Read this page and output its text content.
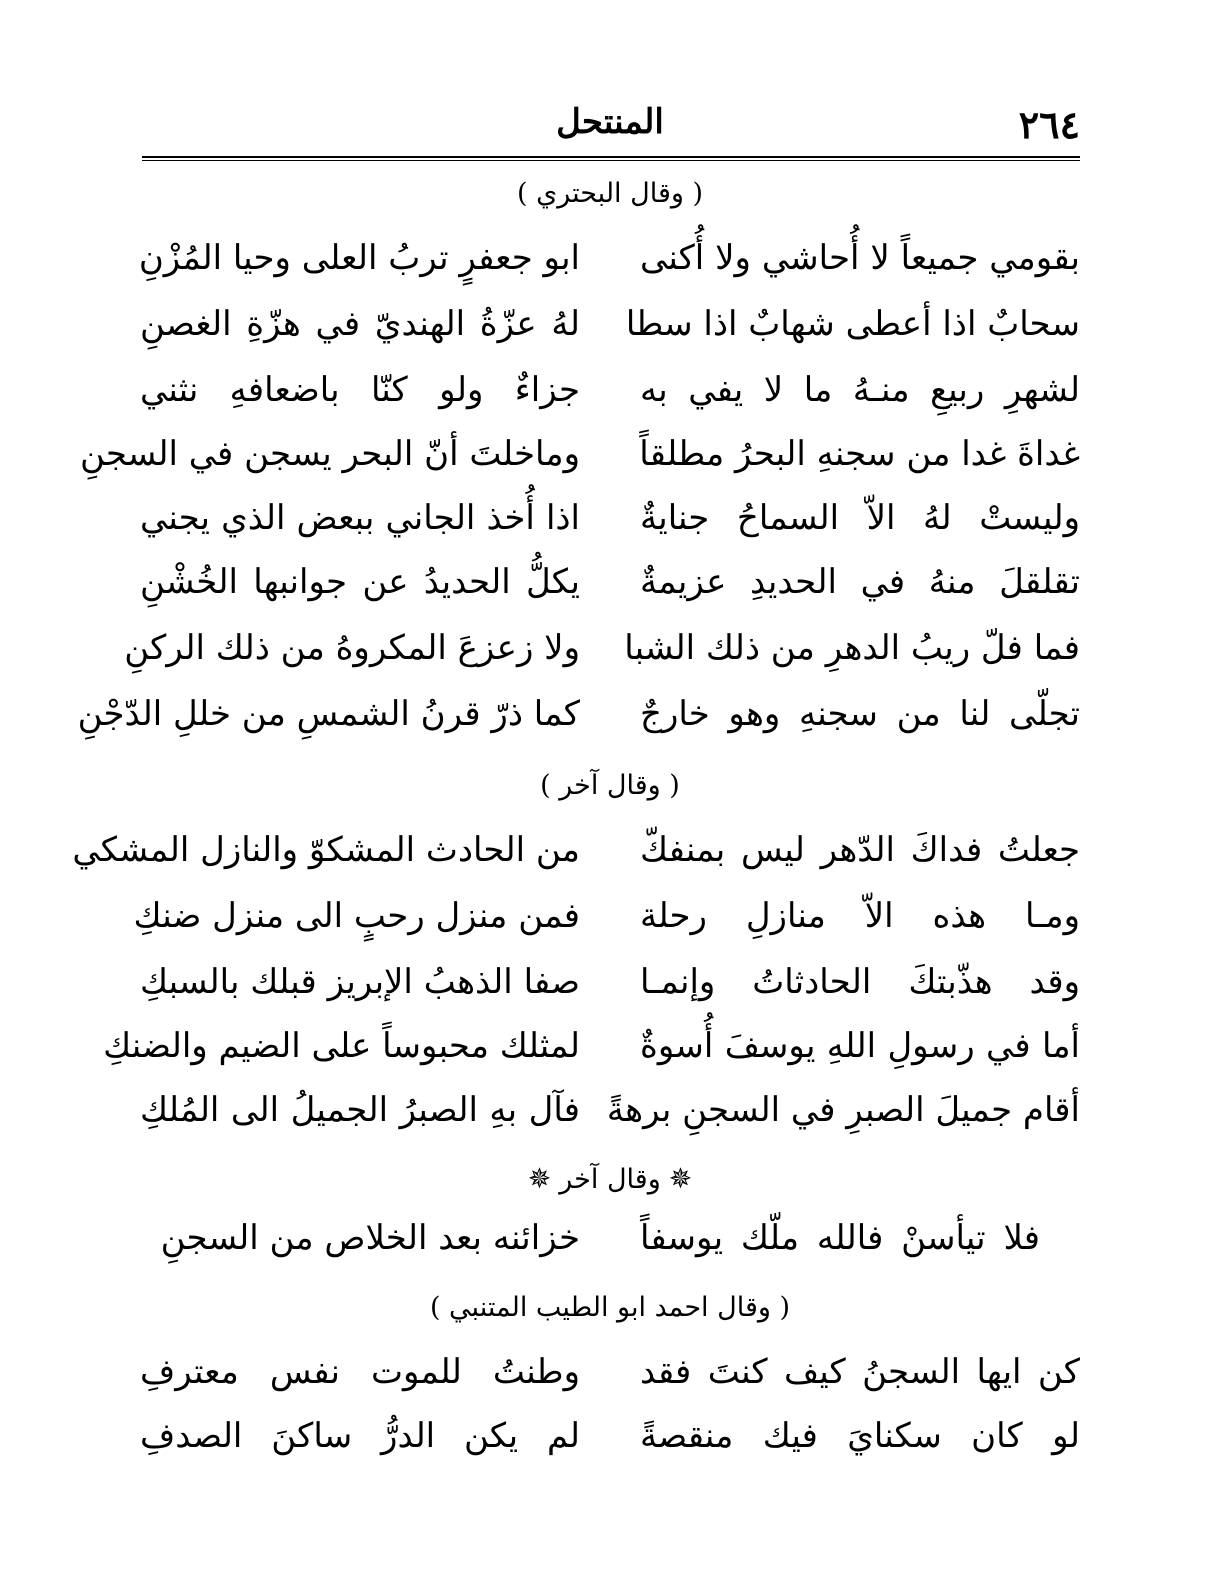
٢٦٤
المنتحل
( وقال البحتري )
بقومي جميعاً لا أُحاشي ولا أُكنى
ابو جعفرٍ تربُ العلى وحيا المُزْنِ
سحابٌ اذا أعطى شهابٌ اذا سطا
لهُ عزّةُ الهنديّ في هزّةِ الغصنِ
لشهرِ ربيعِ منـهُ ما لا يفي به
جزاءٌ ولو كنّا باضعافهِ نثني
غداةَ غدا من سجنهِ البحرُ مطلقاً
وماخلتَ أنّ البحر يسجن في السجنِ
وليستْ لهُ الاّ السماحُ جنايةٌ
اذا أُخذ الجاني ببعض الذي يجني
تقلقلَ منهُ في الحديدِ عزيمةٌ
يكلُّ الحديدُ عن جوانبها الخُشْنِ
فما فلّ ريبُ الدهرِ من ذلك الشبا
ولا زعزعَ المكروهُ من ذلك الركنِ
تجلّى لنا من سجنهِ وهو خارجٌ
كما ذرّ قرنُ الشمسِ من خللِ الدّجْنِ
( وقال آخر )
جعلتُ فداكَ الدّهر ليس بمنفكّ
من الحادث المشكوّ والنازل المشكي
ومـا هذه الاّ منازلِ رحلة
فمن منزل رحبٍ الى منزل ضنكِ
وقد هذّبتكَ الحادثاتُ وإنمـا
صفا الذهبُ الإبريز قبلك بالسبكِ
أما في رسولِ اللهِ يوسفَ أُسوةٌ
لمثلك محبوساً على الضيم والضنكِ
أقام جميلَ الصبرِ في السجنِ برهةً
فآل بهِ الصبرُ الجميلُ الى المُلكِ
✵وقال آخر✵
فلا تيأسنْ فالله ملّك يوسفاً
خزائنه بعد الخلاص من السجنِ
( وقال احمد ابو الطيب المتنبي )
كن ايها السجنُ كيف كنتَ فقد
وطنتُ للموت نفس معترفِ
لو كان سكنايَ فيك منقصةً
لم يكن الدرُّ ساكنَ الصدفِ
